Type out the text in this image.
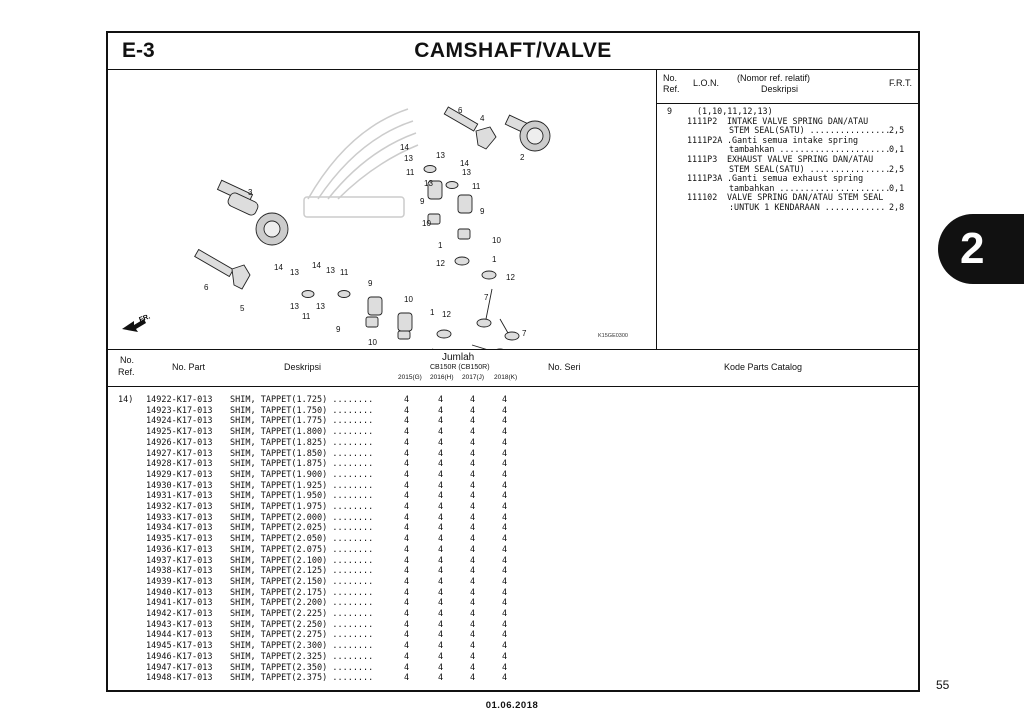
E-3	CAMSHAFT/VALVE
6
4
2
14
13	13
14
11	13
13	11
3
9
9
10
10
1
1
12
12
14
13
14
13 11
9
6
5	13
11
13
9
10
1 12
7
10
7
FR.
K15GE0300
No.
Ref.
L.O.N. (Nomor ref. relatif)
Deskripsi
F.R.T.
9	(1,10,11,12,13)
1111P2 INTAKE VALVE SPRING DAN/ATAU
STEM SEAL(SATU) ................2,5
1111P2A .Ganti semua intake spring
tambahkan ......................0,1
1111P3 EXHAUST VALVE SPRING DAN/ATAU
STEM SEAL(SATU) ................2,5
1111P3A .Ganti semua exhaust spring
tambahkan ......................0,1
111102 VALVE SPRING DAN/ATAU STEM SEAL
:UNTUK 1 KENDARAAN ............ 2,8
No.
Ref.	No. Part	Deskripsi
Jumlah
CB150R (CB150R)
2015(G) 2016(H) 2017(J) 2018(K)
No. Seri	Kode Parts Catalog
14) 14922-K17-013 SHIM, TAPPET(1.725) ........	4	4	4	4
14923-K17-013 SHIM, TAPPET(1.750) ........	4	4	4	4
14924-K17-013 SHIM, TAPPET(1.775) ........	4	4	4	4
14925-K17-013 SHIM, TAPPET(1.800) ........	4	4	4	4
14926-K17-013 SHIM, TAPPET(1.825) ........	4	4	4	4
14927-K17-013 SHIM, TAPPET(1.850) ........	4	4	4	4
14928-K17-013 SHIM, TAPPET(1.875) ........	4	4	4	4
14929-K17-013 SHIM, TAPPET(1.900) ........	4	4	4	4
14930-K17-013 SHIM, TAPPET(1.925) ........	4	4	4	4
14931-K17-013 SHIM, TAPPET(1.950) ........	4	4	4	4
14932-K17-013 SHIM, TAPPET(1.975) ........	4	4	4	4
14933-K17-013 SHIM, TAPPET(2.000) ........	4	4	4	4
14934-K17-013 SHIM, TAPPET(2.025) ........	4	4	4	4
14935-K17-013 SHIM, TAPPET(2.050) ........	4	4	4	4
14936-K17-013 SHIM, TAPPET(2.075) ........	4	4	4	4
14937-K17-013 SHIM, TAPPET(2.100) ........	4	4	4	4
14938-K17-013 SHIM, TAPPET(2.125) ........	4	4	4	4
14939-K17-013 SHIM, TAPPET(2.150) ........	4	4	4	4
14940-K17-013 SHIM, TAPPET(2.175) ........	4	4	4	4
14941-K17-013 SHIM, TAPPET(2.200) ........	4	4	4	4
14942-K17-013 SHIM, TAPPET(2.225) ........	4	4	4	4
14943-K17-013 SHIM, TAPPET(2.250) ........	4	4	4	4
14944-K17-013 SHIM, TAPPET(2.275) ........	4	4	4	4
14945-K17-013 SHIM, TAPPET(2.300) ........	4	4	4	4
14946-K17-013 SHIM, TAPPET(2.325) ........	4	4	4	4
14947-K17-013 SHIM, TAPPET(2.350) ........	4	4	4	4
14948-K17-013 SHIM, TAPPET(2.375) ........	4	4	4	4
2
55
01.06.2018
